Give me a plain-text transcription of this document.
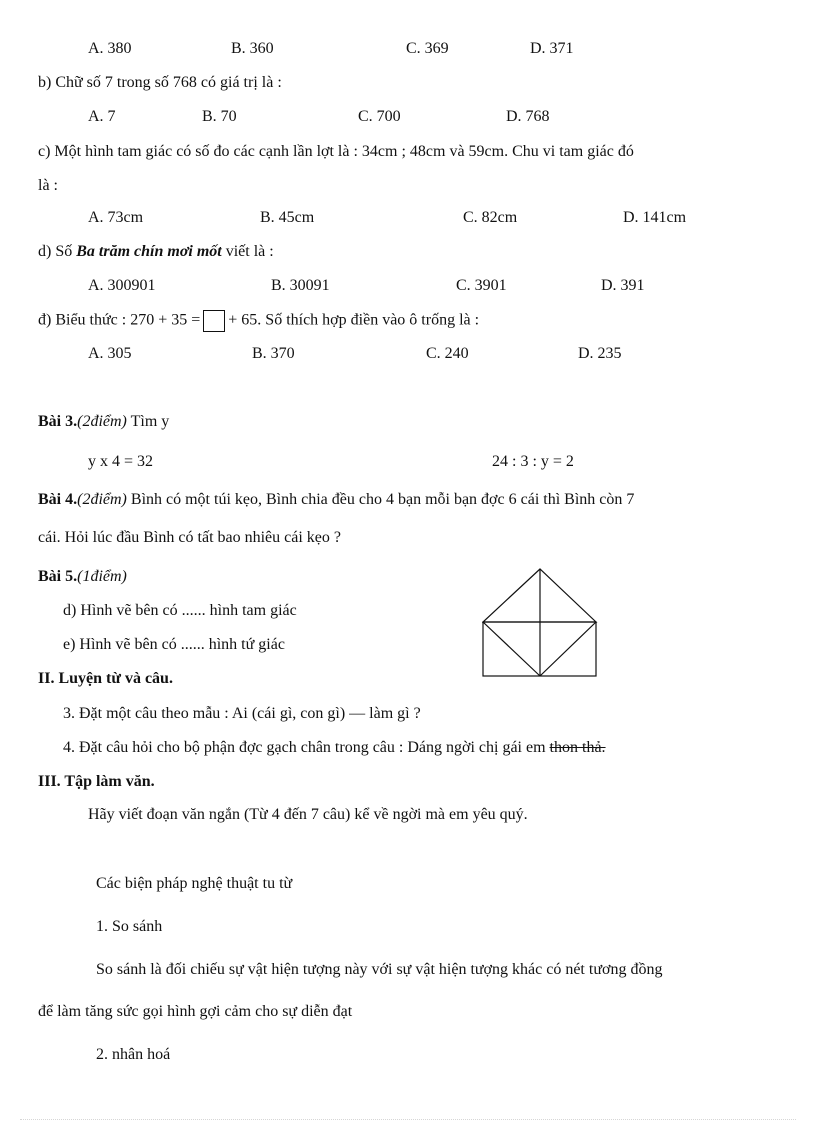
A. 380	B. 360	C. 369	D. 371
b) Chữ số 7 trong số 768 có giá trị là :
A. 7	B. 70	C. 700	D. 768
c) Một hình tam giác có số đo các cạnh lần lợt là : 34cm ; 48cm và 59cm. Chu vi tam giác đó
là :
A. 73cm	B. 45cm	C. 82cm	D. 141cm
d) Số Ba trăm chín mơi mốt viết là :
A. 300901	B. 30091	C. 3901	D. 391
đ) Biểu thức : 270 + 35 = + 65. Số thích hợp điền vào ô trống là :
A. 305	B. 370	C. 240	D. 235
Bài 3.(2điểm) Tìm y
y x 4 = 32	24 : 3 : y = 2
Bài 4.(2điểm) Bình có một túi kẹo, Bình chia đều cho 4 bạn mỗi bạn đợc 6 cái thì Bình còn 7
cái. Hỏi lúc đầu Bình có tất bao nhiêu cái kẹo ?
Bài 5.(1điểm)
d) Hình vẽ bên có ...... hình tam giác
e) Hình vẽ bên có ...... hình tứ giác
II. Luyện từ và câu.
3. Đặt một câu theo mẫu : Ai (cái gì, con gì) — làm gì ?
4. Đặt câu hỏi cho bộ phận đợc gạch chân trong câu : Dáng ngời chị gái em thon thả.
III. Tập làm văn.
Hãy viết đoạn văn ngắn (Từ 4 đến 7 câu) kể về ngời mà em yêu quý.
Các biện pháp nghệ thuật tu từ
1. So sánh
So sánh là đối chiếu sự vật hiện tượng này với sự vật hiện tượng khác có nét tương đồng
để làm tăng sức gọi hình gợi cảm cho sự diễn đạt
2. nhân hoá
